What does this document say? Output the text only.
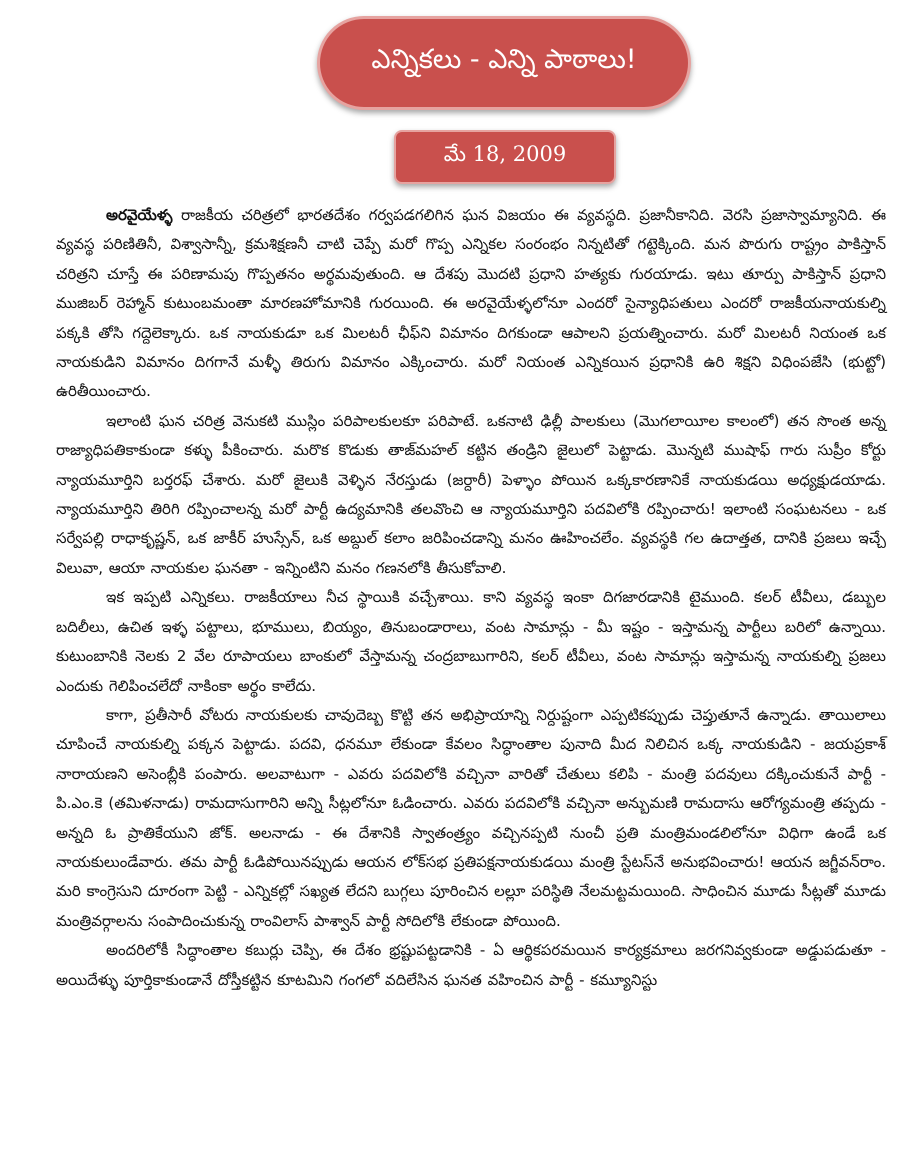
ఎన్నికలు - ఎన్ని పాఠాలు!
మే 18, 2009

అరవైయేళ్ళ రాజకీయ చరిత్రలో భారతదేశం గర్వపడగలిగిన ఘన విజయం ఈ వ్యవస్థది. ప్రజానీకానిది. వెరసి ప్రజాస్వామ్యానిది. ఈ వ్యవస్థ పరిణితినీ, విశ్వాసాన్నీ, క్రమశిక్షణనీ చాటి చెప్పే మరో గొప్ప ఎన్నికల సంరంభం నిన్నటితో గట్టెక్కింది. మన పొరుగు రాష్ట్రం పాకిస్తాన్ చరిత్రని చూస్తే ఈ పరిణామపు గొప్పతనం అర్థమవుతుంది. ఆ దేశపు మొదటి ప్రధాని హత్యకు గురయాడు. ఇటు తూర్పు పాకిస్తాన్ ప్రధాని ముజిబర్ రెహ్మాన్ కుటుంబమంతా మారణహోమానికి గురయింది. ఈ అరవైయేళ్ళలోనూ ఎందరో సైన్యాధిపతులు ఎందరో రాజకీయనాయకుల్ని పక్కకి తోసి గద్దెలెక్కారు. ఒక నాయకుడూ ఒక మిలటరీ ఛీఫ్‌ని విమానం దిగకుండా ఆపాలని ప్రయత్నించారు. మరో మిలటరీ నియంత ఒక నాయకుడిని విమానం దిగగానే మళ్ళీ తిరుగు విమానం ఎక్కించారు. మరో నియంత ఎన్నికయిన ప్రధానికి ఉరి శిక్షని విధింపజేసి (భుట్టో) ఉరితీయించారు.

ఇలాంటి ఘన చరిత్ర వెనుకటి ముస్లిం పరిపాలకులకూ పరిపాటే. ఒకనాటి ఢిల్లీ పాలకులు (మొగలాయీల కాలంలో) తన సొంత అన్న రాజ్యాధిపతికాకుండా కళ్ళు పీకించారు. మరొక కొడుకు తాజ్‌మహల్ కట్టిన తండ్రిని జైలులో పెట్టాడు. మొన్నటి ముషాఫ్ గారు సుప్రీం కోర్టు న్యాయమూర్తిని బర్తరఫ్ చేశారు. మరో జైలుకి వెళ్ళిన నేరస్తుడు (జర్దారీ) పెళ్ళాం పోయిన ఒక్కకారణానికే నాయకుడయి అధ్యక్షుడయాడు. న్యాయమూర్తిని తిరిగి రప్పించాలన్న మరో పార్టీ ఉద్యమానికి తలవొంచి ఆ న్యాయమూర్తిని పదవిలోకి రప్పించారు! ఇలాంటి సంఘటనలు - ఒక సర్వేపల్లి రాధాకృష్ణన్, ఒక జాకీర్ హుస్సేన్, ఒక అబ్దుల్ కలాం జరిపించడాన్ని మనం ఊహించలేం. వ్యవస్థకి గల ఉదాత్తత, దానికి ప్రజలు ఇచ్చే విలువా, ఆయా నాయకుల ఘనతా - ఇన్నింటిని మనం గణనలోకి తీసుకోవాలి.

ఇక ఇప్పటి ఎన్నికలు. రాజకీయాలు నీచ స్థాయికి వచ్చేశాయి. కాని వ్యవస్థ ఇంకా దిగజారడానికి టైముంది. కలర్ టీవీలు, డబ్బుల బదిలీలు, ఉచిత ఇళ్ళ పట్టాలు, భూములు, బియ్యం, తినుబండారాలు, వంట సామాన్లు - మీ ఇష్టం - ఇస్తామన్న పార్టీలు బరిలో ఉన్నాయి. కుటుంబానికి నెలకు 2 వేల రూపాయలు బాంకులో వేస్తామన్న చంద్రబాబుగారిని, కలర్ టీవీలు, వంట సామాన్లు ఇస్తామన్న నాయకుల్ని ప్రజలు ఎందుకు గెలిపించలేదో నాకింకా అర్థం కాలేదు.

కాగా, ప్రతీసారీ వోటరు నాయకులకు చావుదెబ్బ కొట్టి తన అభిప్రాయాన్ని నిర్దుష్టంగా ఎప్పటికప్పుడు చెప్తుతూనే ఉన్నాడు. తాయిలాలు చూపించే నాయకుల్ని పక్కన పెట్టాడు. పదవి, ధనమూ లేకుండా కేవలం సిద్ధాంతాల పునాది మీద నిలిచిన ఒక్క నాయకుడిని - జయప్రకాశ్ నారాయణని అసెంబ్లీకి పంపారు. అలవాటుగా - ఎవరు పదవిలోకి వచ్చినా వారితో చేతులు కలిపి - మంత్రి పదవులు దక్కించుకునే పార్టీ - పి.ఎం.కె (తమిళనాడు) రామదాసుగారిని అన్ని సీట్లలోనూ ఓడించారు. ఎవరు పదవిలోకి వచ్చినా అన్బుమణి రామదాసు ఆరోగ్యమంత్రి తప్పదు - అన్నది ఓ ప్రాతికేయుని జోక్. అలనాడు - ఈ దేశానికి స్వాతంత్ర్యం వచ్చినప్పటి నుంచీ ప్రతి మంత్రిమండలిలోనూ విధిగా ఉండే ఒక నాయకులుండేవారు. తమ పార్టీ ఓడిపోయినప్పుడు ఆయన లోక్‌సభ ప్రతిపక్షనాయకుడయి మంత్రి స్టేటస్‌నే అనుభవించారు! ఆయన జగ్జీవన్‌రాం. మరి కాంగ్రెసుని దూరంగా పెట్టి - ఎన్నికల్లో సఖ్యత లేదని బుగ్గలు పూరించిన లల్లూ పరిస్థితి నేలమట్టమయింది. సాధించిన మూడు సీట్లతో మూడు మంత్రివర్గాలను సంపాదించుకున్న రాంవిలాస్ పాశ్వాన్ పార్టీ సోదిలోకి లేకుండా పోయింది.

అందరిలోకీ సిద్ధాంతాల కబుర్లు చెప్పి, ఈ దేశం భ్రష్టుపట్టడానికి - ఏ ఆర్థికపరమయిన కార్యక్రమాలు జరగనివ్వకుండా అడ్డుపడుతూ - అయిదేళ్ళు పూర్తికాకుండానే దోస్తీకట్టిన కూటమిని గంగలో వదిలేసిన ఘనత వహించిన పార్టీ - కమ్యూనిస్టు
